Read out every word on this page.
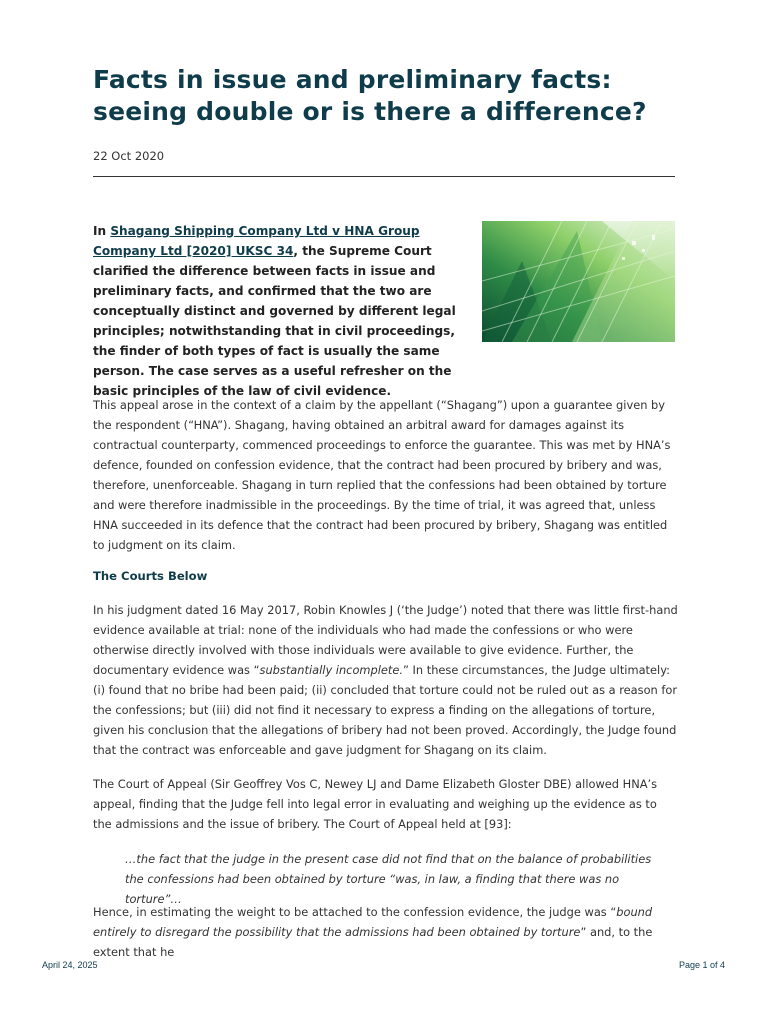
Facts in issue and preliminary facts:
seeing double or is there a difference?
22 Oct 2020

In Shagang Shipping Company Ltd v HNA Group Company Ltd [2020] UKSC 34, the Supreme Court clarified the difference between facts in issue and preliminary facts, and confirmed that the two are conceptually distinct and governed by different legal principles; notwithstanding that in civil proceedings, the finder of both types of fact is usually the same person. The case serves as a useful refresher on the basic principles of the law of civil evidence.

This appeal arose in the context of a claim by the appellant (“Shagang”) upon a guarantee given by the respondent (“HNA”). Shagang, having obtained an arbitral award for damages against its contractual counterparty, commenced proceedings to enforce the guarantee. This was met by HNA’s defence, founded on confession evidence, that the contract had been procured by bribery and was, therefore, unenforceable. Shagang in turn replied that the confessions had been obtained by torture and were therefore inadmissible in the proceedings. By the time of trial, it was agreed that, unless HNA succeeded in its defence that the contract had been procured by bribery, Shagang was entitled to judgment on its claim.

The Courts Below

In his judgment dated 16 May 2017, Robin Knowles J (‘the Judge’) noted that there was little first-hand evidence available at trial: none of the individuals who had made the confessions or who were otherwise directly involved with those individuals were available to give evidence. Further, the documentary evidence was “substantially incomplete.” In these circumstances, the Judge ultimately: (i) found that no bribe had been paid; (ii) concluded that torture could not be ruled out as a reason for the confessions; but (iii) did not find it necessary to express a finding on the allegations of torture, given his conclusion that the allegations of bribery had not been proved. Accordingly, the Judge found that the contract was enforceable and gave judgment for Shagang on its claim.

The Court of Appeal (Sir Geoffrey Vos C, Newey LJ and Dame Elizabeth Gloster DBE) allowed HNA’s appeal, finding that the Judge fell into legal error in evaluating and weighing up the evidence as to the admissions and the issue of bribery. The Court of Appeal held at [93]:

…the fact that the judge in the present case did not find that on the balance of probabilities the confessions had been obtained by torture “was, in law, a finding that there was no torture”…

Hence, in estimating the weight to be attached to the confession evidence, the judge was “bound entirely to disregard the possibility that the admissions had been obtained by torture” and, to the extent that he

April 24, 2025	Page 1 of 4
